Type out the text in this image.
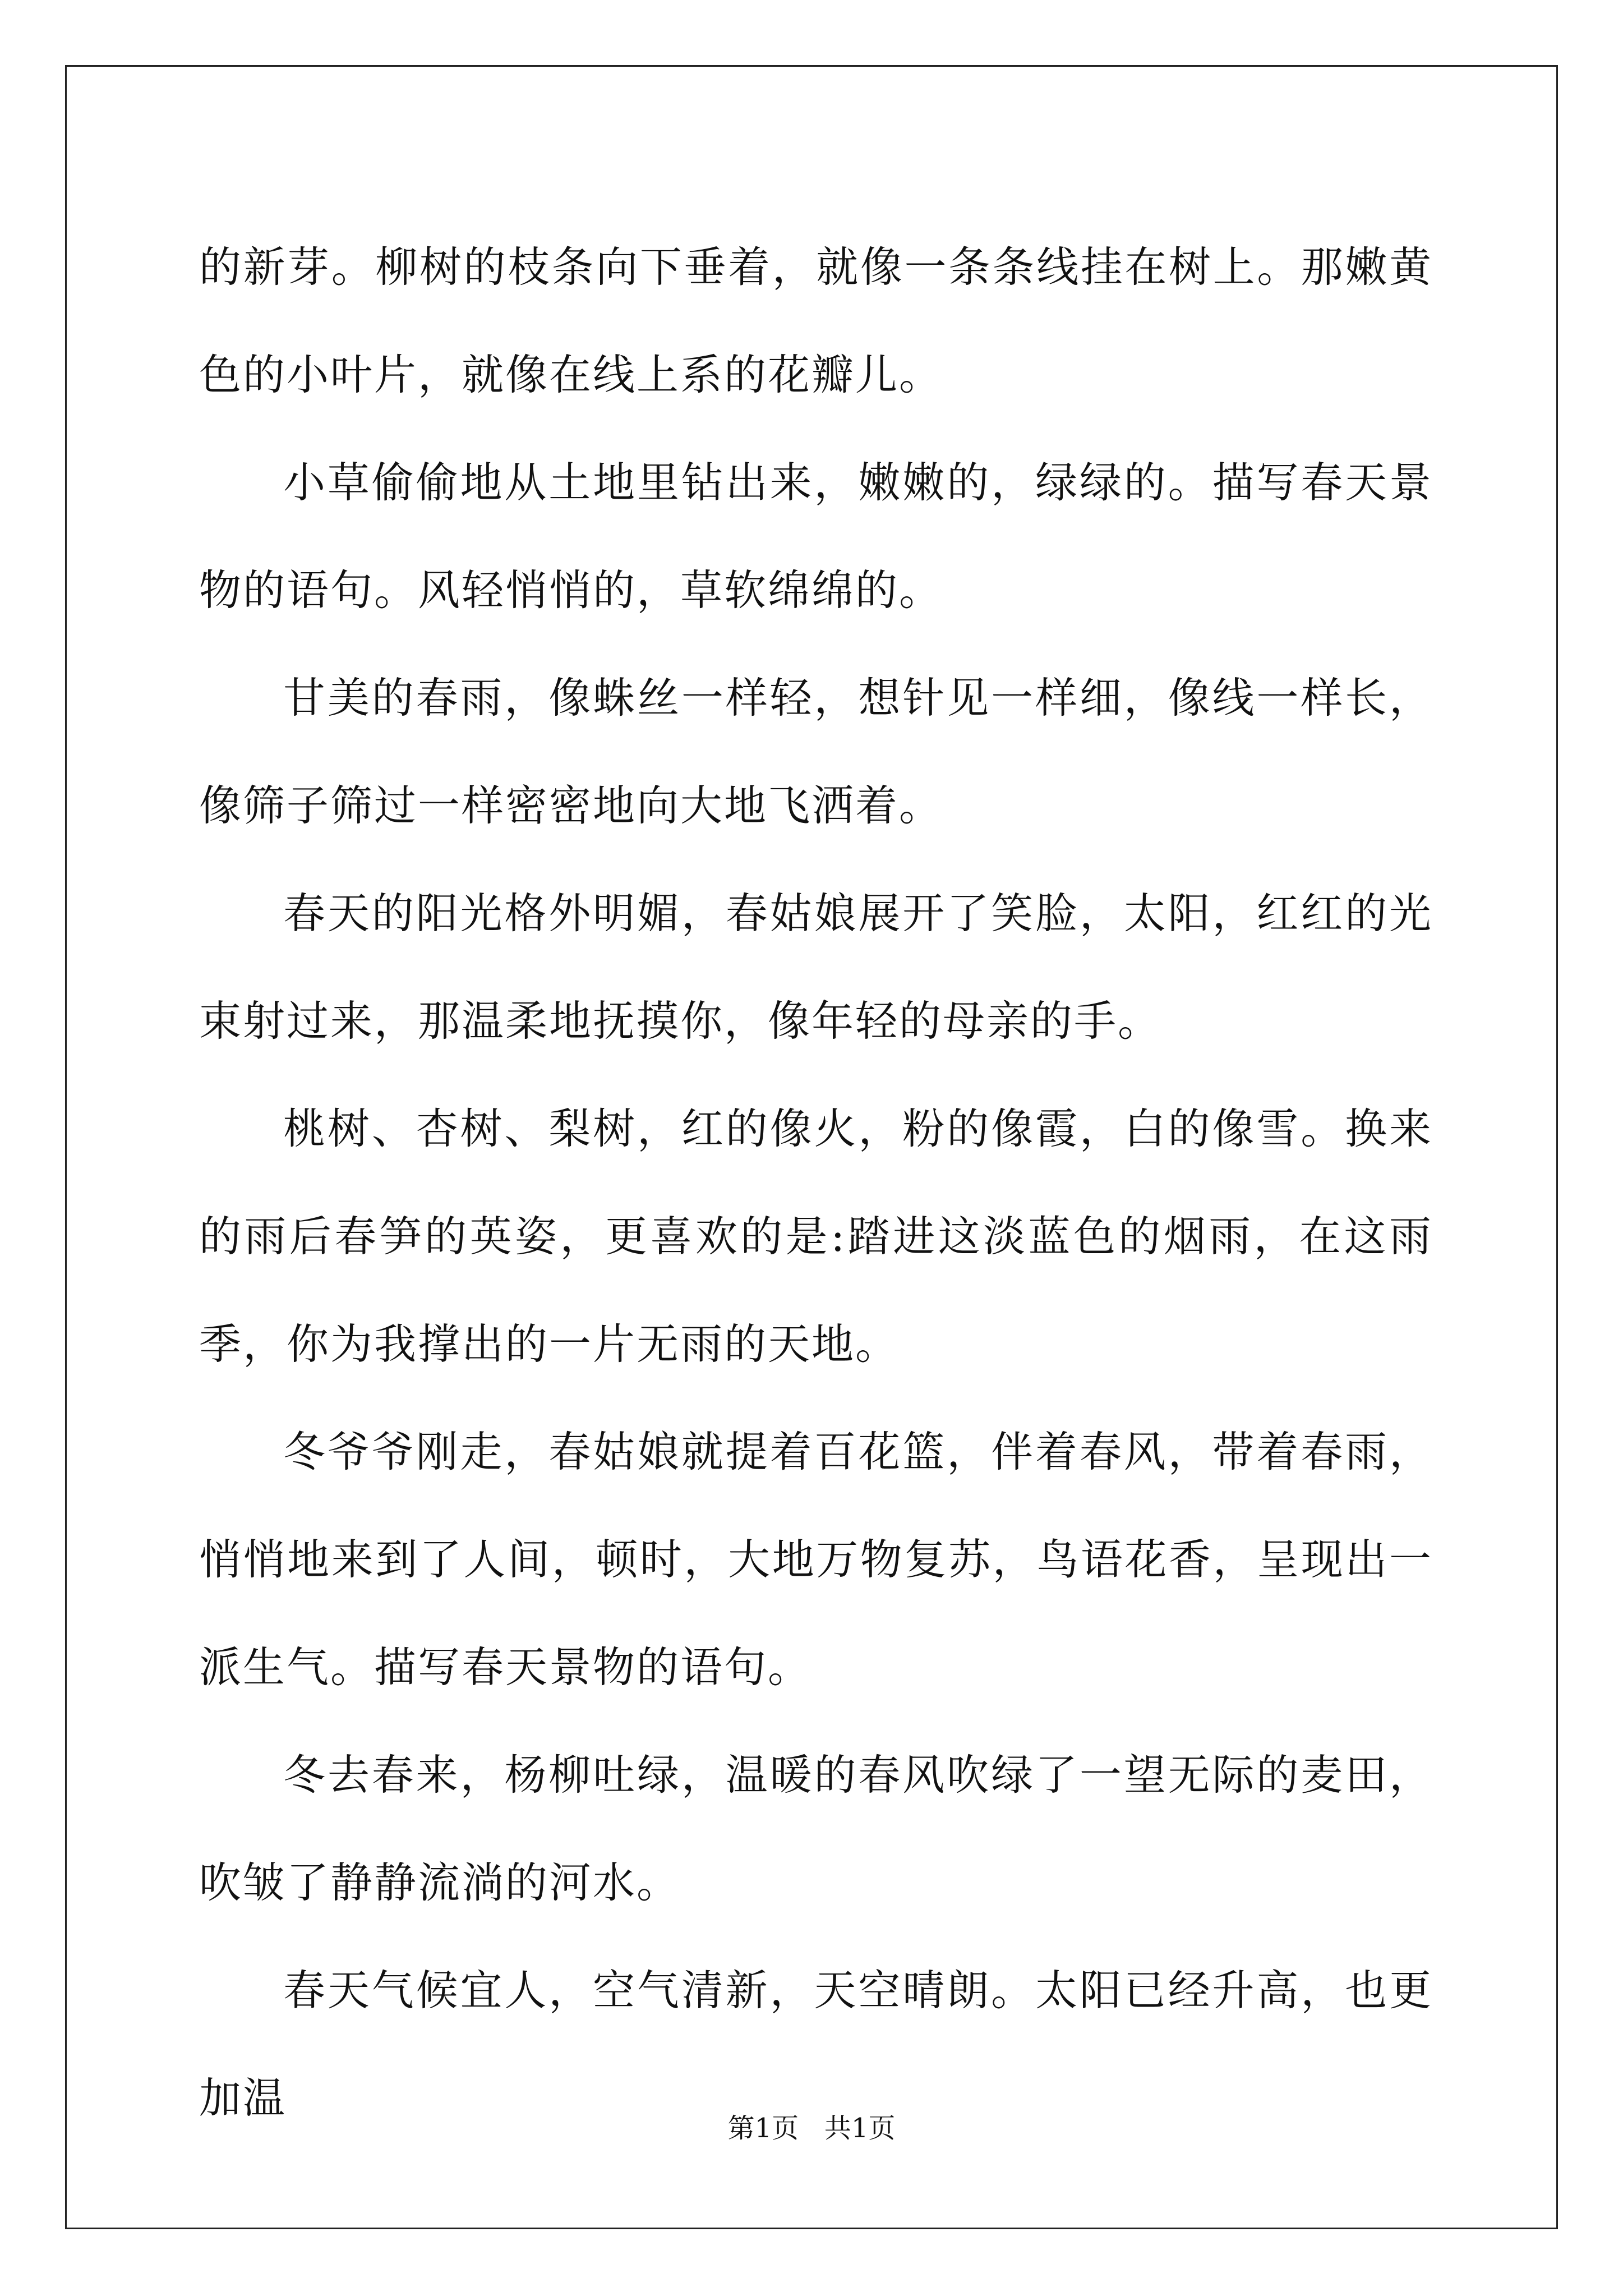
的新芽。柳树的枝条向下垂着，就像一条条线挂在树上。那嫩黄色的小叶片，就像在线上系的花瓣儿。

小草偷偷地从土地里钻出来，嫩嫩的，绿绿的。描写春天景物的语句。风轻悄悄的，草软绵绵的。

甘美的春雨，像蛛丝一样轻，想针见一样细，像线一样长，像筛子筛过一样密密地向大地飞洒着。

春天的阳光格外明媚，春姑娘展开了笑脸，太阳，红红的光束射过来，那温柔地抚摸你，像年轻的母亲的手。

桃树、杏树、梨树，红的像火，粉的像霞，白的像雪。换来的雨后春笋的英姿，更喜欢的是:踏进这淡蓝色的烟雨，在这雨季，你为我撑出的一片无雨的天地。

冬爷爷刚走，春姑娘就提着百花篮，伴着春风，带着春雨，悄悄地来到了人间，顿时，大地万物复苏，鸟语花香，呈现出一派生气。描写春天景物的语句。

冬去春来，杨柳吐绿，温暖的春风吹绿了一望无际的麦田，吹皱了静静流淌的河水。

春天气候宜人，空气清新，天空晴朗。太阳已经升高，也更加温

第1页   共1页
